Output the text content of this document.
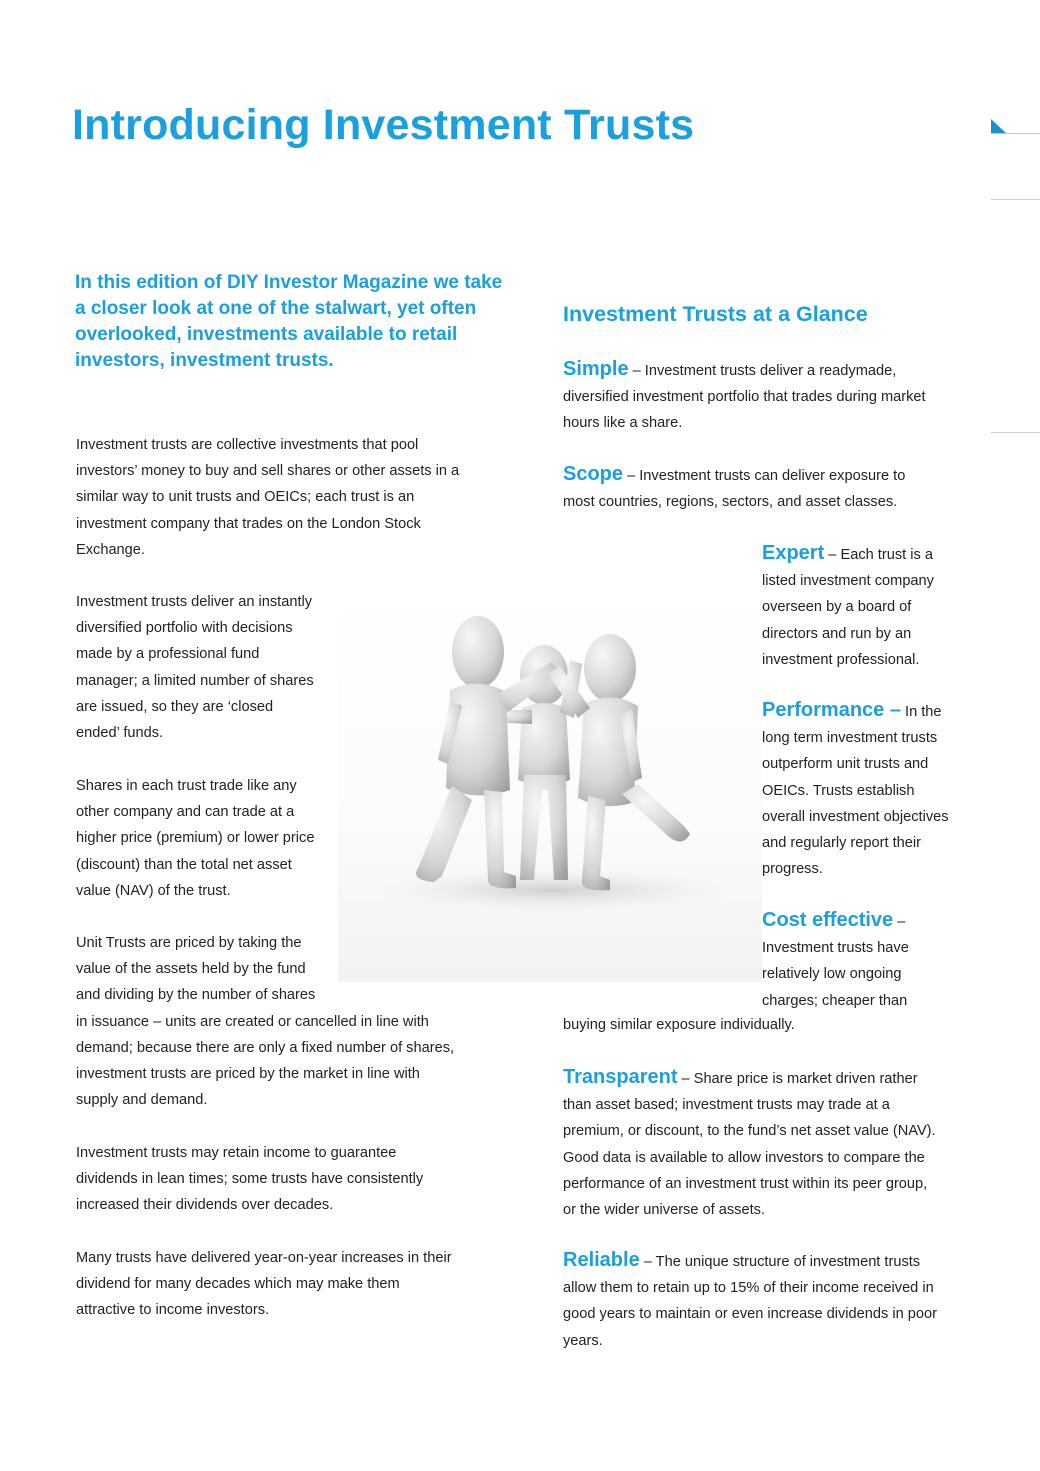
Introducing Investment Trusts
In this edition of DIY Investor Magazine we take a closer look at one of the stalwart, yet often overlooked, investments available to retail investors, investment trusts.
Investment trusts are collective investments that pool
investors’ money to buy and sell shares or other assets in a
similar way to unit trusts and OEICs; each trust is an
investment company that trades on the London Stock
Exchange.
Investment trusts deliver an instantly
diversified portfolio with decisions
made by a professional fund
manager; a limited number of shares
are issued, so they are ‘closed
ended’ funds.
Shares in each trust trade like any
other company and can trade at a
higher price (premium) or lower price
(discount) than the total net asset
value (NAV) of the trust.
Unit Trusts are priced by taking the
value of the assets held by the fund
and dividing by the number of shares
in issuance – units are created or cancelled in line with
demand; because there are only a fixed number of shares,
investment trusts are priced by the market in line with
supply and demand.
Investment trusts may retain income to guarantee
dividends in lean times; some trusts have consistently
increased their dividends over decades.
Many trusts have delivered year-on-year increases in their
dividend for many decades which may make them
attractive to income investors.
Investment Trusts at a Glance
Simple – Investment trusts deliver a readymade,
diversified investment portfolio that trades during market
hours like a share.
Scope – Investment trusts can deliver exposure to
most countries, regions, sectors, and asset classes.
Expert – Each trust is a
listed investment company
overseen by a board of
directors and run by an
investment professional.
Performance – In the
long term investment trusts
outperform unit trusts and
OEICs. Trusts establish
overall investment objectives
and regularly report their
progress.
Cost effective –
Investment trusts have
relatively low ongoing
charges; cheaper than
buying similar exposure individually.
Transparent – Share price is market driven rather
than asset based; investment trusts may trade at a
premium, or discount, to the fund’s net asset value (NAV).
Good data is available to allow investors to compare the
performance of an investment trust within its peer group,
or the wider universe of assets.
Reliable – The unique structure of investment trusts
allow them to retain up to 15% of their income received in
good years to maintain or even increase dividends in poor
years.
